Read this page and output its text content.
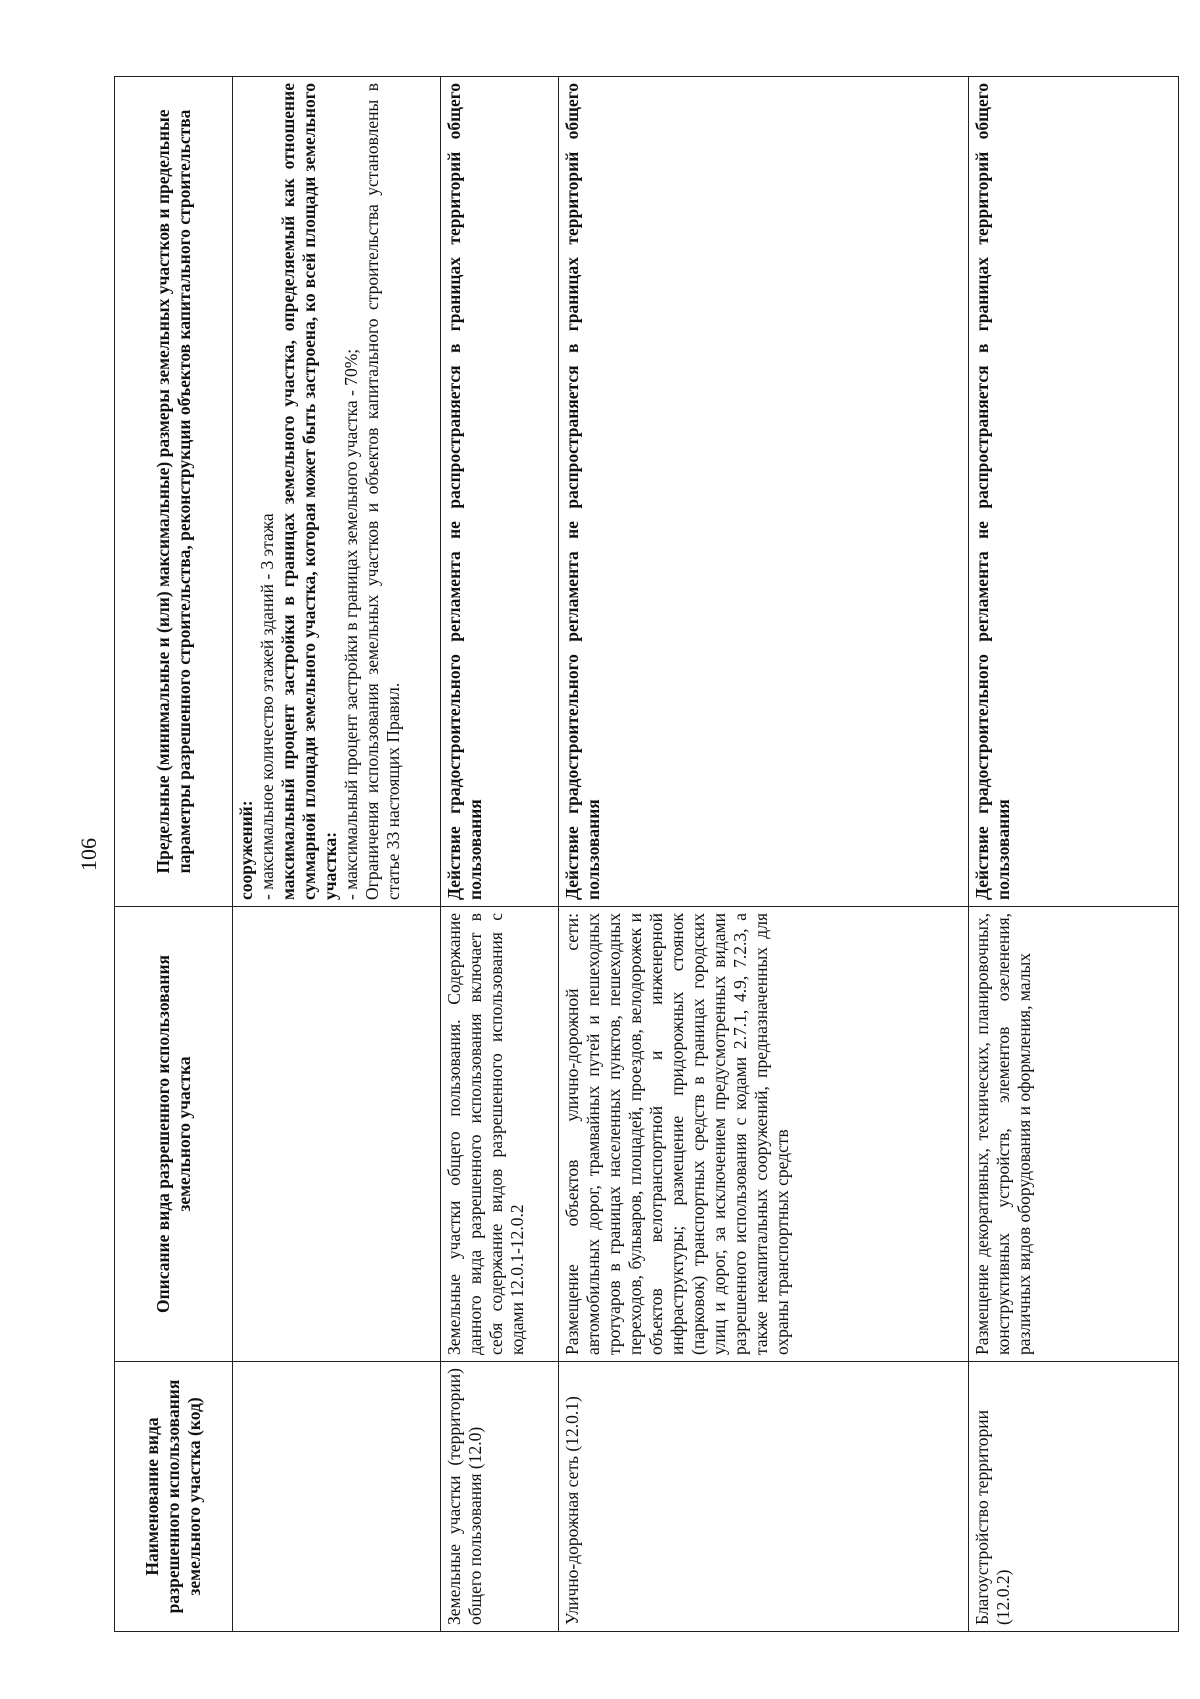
106
Наименование вида разрешенного использования земельного участка (код)	Описание вида разрешенного использования земельного участка	Предельные (минимальные и (или) максимальные) размеры земельных участков и предельные параметры разрешенного строительства, реконструкции объектов капитального строительства

		сооружений: - максимальное количество этажей зданий - 3 этажа максимальный процент застройки в границах земельного участка, определяемый как отношение суммарной площади земельного участка, которая может быть застроена, ко всей площади земельного участка: - максимальный процент застройки в границах земельного участка - 70%; Ограничения использования земельных участков и объектов капитального строительства установлены в статье 33 настоящих Правил.

Земельные участки (территории) общего пользования (12.0)	Земельные участки общего пользования. Содержание данного вида разрешенного использования включает в себя содержание видов разрешенного использования с кодами 12.0.1-12.0.2	Действие градостроительного регламента не распространяется в границах территорий общего пользования
Улично-дорожная сеть (12.0.1)	Размещение объектов улично-дорожной сети: автомобильных дорог, трамвайных путей и пешеходных тротуаров в границах населенных пунктов, пешеходных переходов, бульваров, площадей, проездов, велодорожек и объектов велотранспортной и инженерной инфраструктуры; размещение придорожных стоянок (парковок) транспортных средств в границах городских улиц и дорог, за исключением предусмотренных видами разрешенного использования с кодами 2.7.1, 4.9, 7.2.3, а также некапитальных сооружений, предназначенных для охраны транспортных средств	Действие градостроительного регламента не распространяется в границах территорий общего пользования
Благоустройство территории (12.0.2)	Размещение декоративных, технических, планировочных, конструктивных устройств, элементов озеленения, различных видов оборудования и оформления, малых	Действие градостроительного регламента не распространяется в границах территорий общего пользования
